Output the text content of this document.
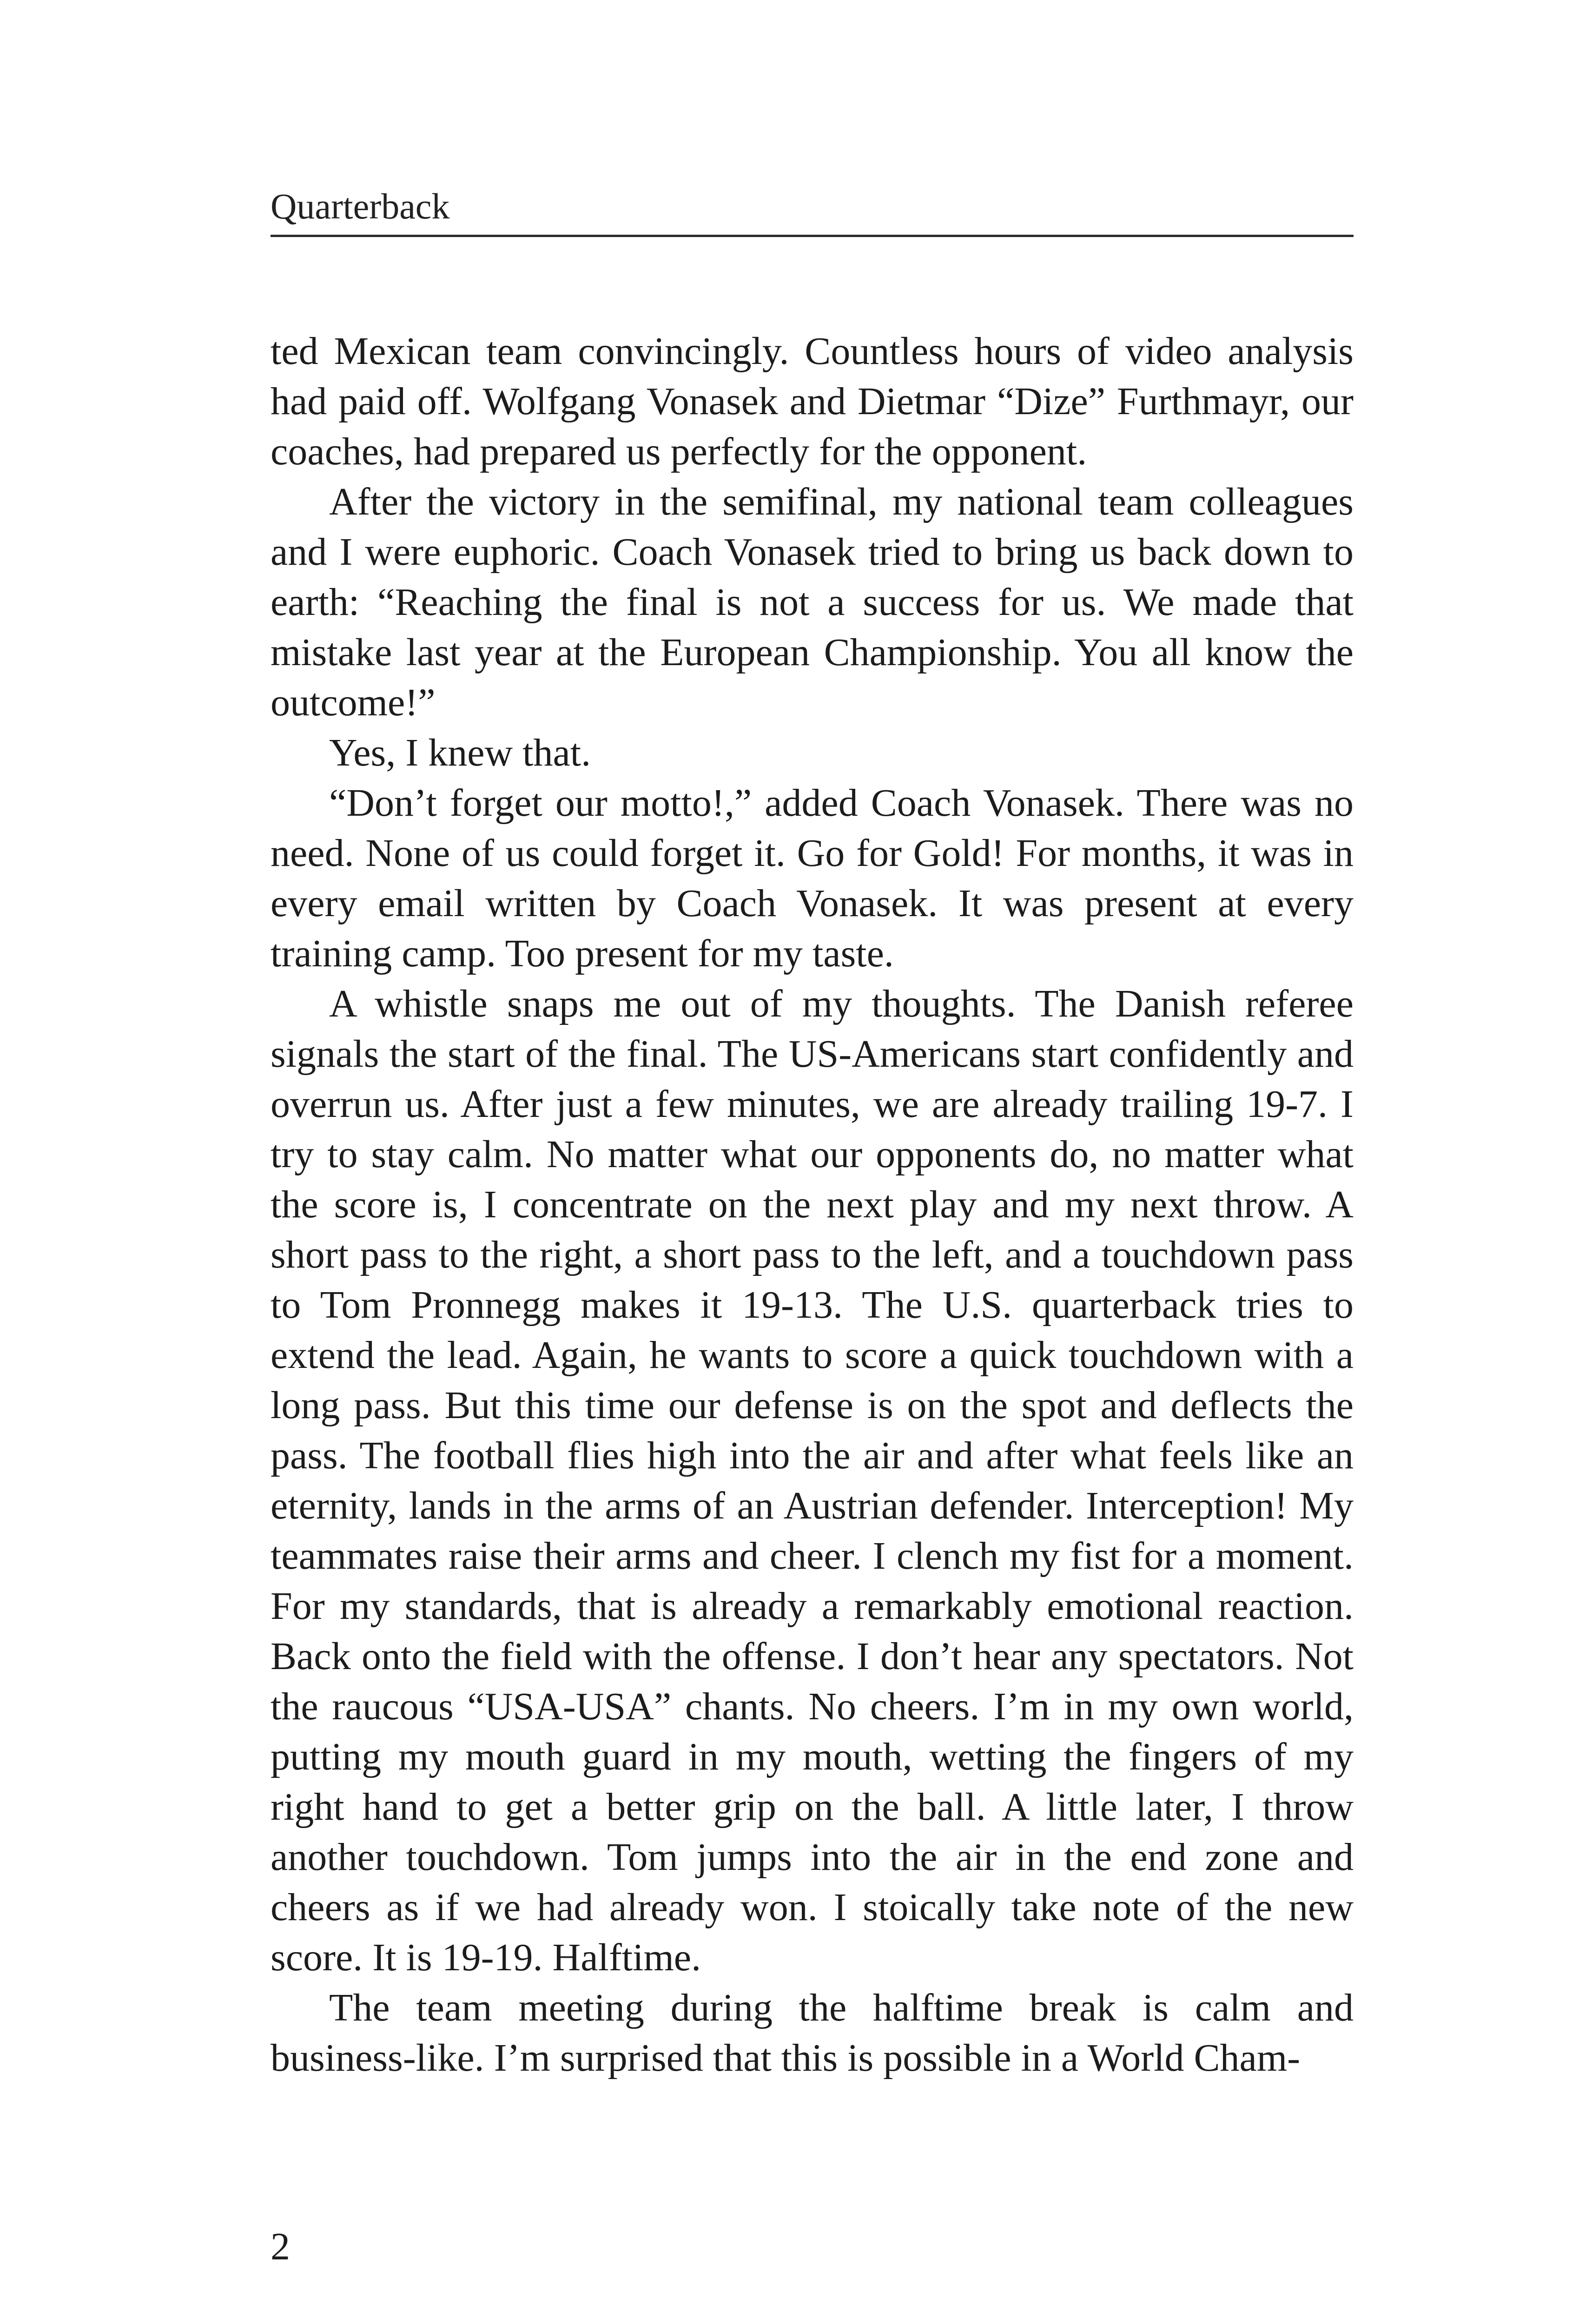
Quarterback

ted Mexican team convincingly. Countless hours of video analysis had paid off. Wolfgang Vonasek and Dietmar “Dize” Furthmayr, our coaches, had prepared us perfectly for the opponent.

After the victory in the semifinal, my national team colleagues and I were euphoric. Coach Vonasek tried to bring us back down to earth: “Reaching the final is not a success for us. We made that mistake last year at the European Championship. You all know the outcome!”

Yes, I knew that.

“Don’t forget our motto!,” added Coach Vonasek. There was no need. None of us could forget it. Go for Gold! For months, it was in every email written by Coach Vonasek. It was present at every training camp. Too present for my taste.

A whistle snaps me out of my thoughts. The Danish referee signals the start of the final. The US-Americans start confidently and overrun us. After just a few minutes, we are already trailing 19-7. I try to stay calm. No matter what our opponents do, no matter what the score is, I concentrate on the next play and my next throw. A short pass to the right, a short pass to the left, and a touchdown pass to Tom Pronnegg makes it 19-13. The U.S. quarterback tries to extend the lead. Again, he wants to score a quick touchdown with a long pass. But this time our defense is on the spot and deflects the pass. The football flies high into the air and after what feels like an eternity, lands in the arms of an Austrian defender. Interception! My teammates raise their arms and cheer. I clench my fist for a moment. For my standards, that is already a remarkably emotional reaction. Back onto the field with the offense. I don’t hear any spectators. Not the raucous “USA-USA” chants. No cheers. I’m in my own world, putting my mouth guard in my mouth, wetting the fingers of my right hand to get a better grip on the ball. A little later, I throw another touchdown. Tom jumps into the air in the end zone and cheers as if we had already won. I stoically take note of the new score. It is 19-19. Halftime.

The team meeting during the halftime break is calm and business-like. I’m surprised that this is possible in a World Cham-

2
